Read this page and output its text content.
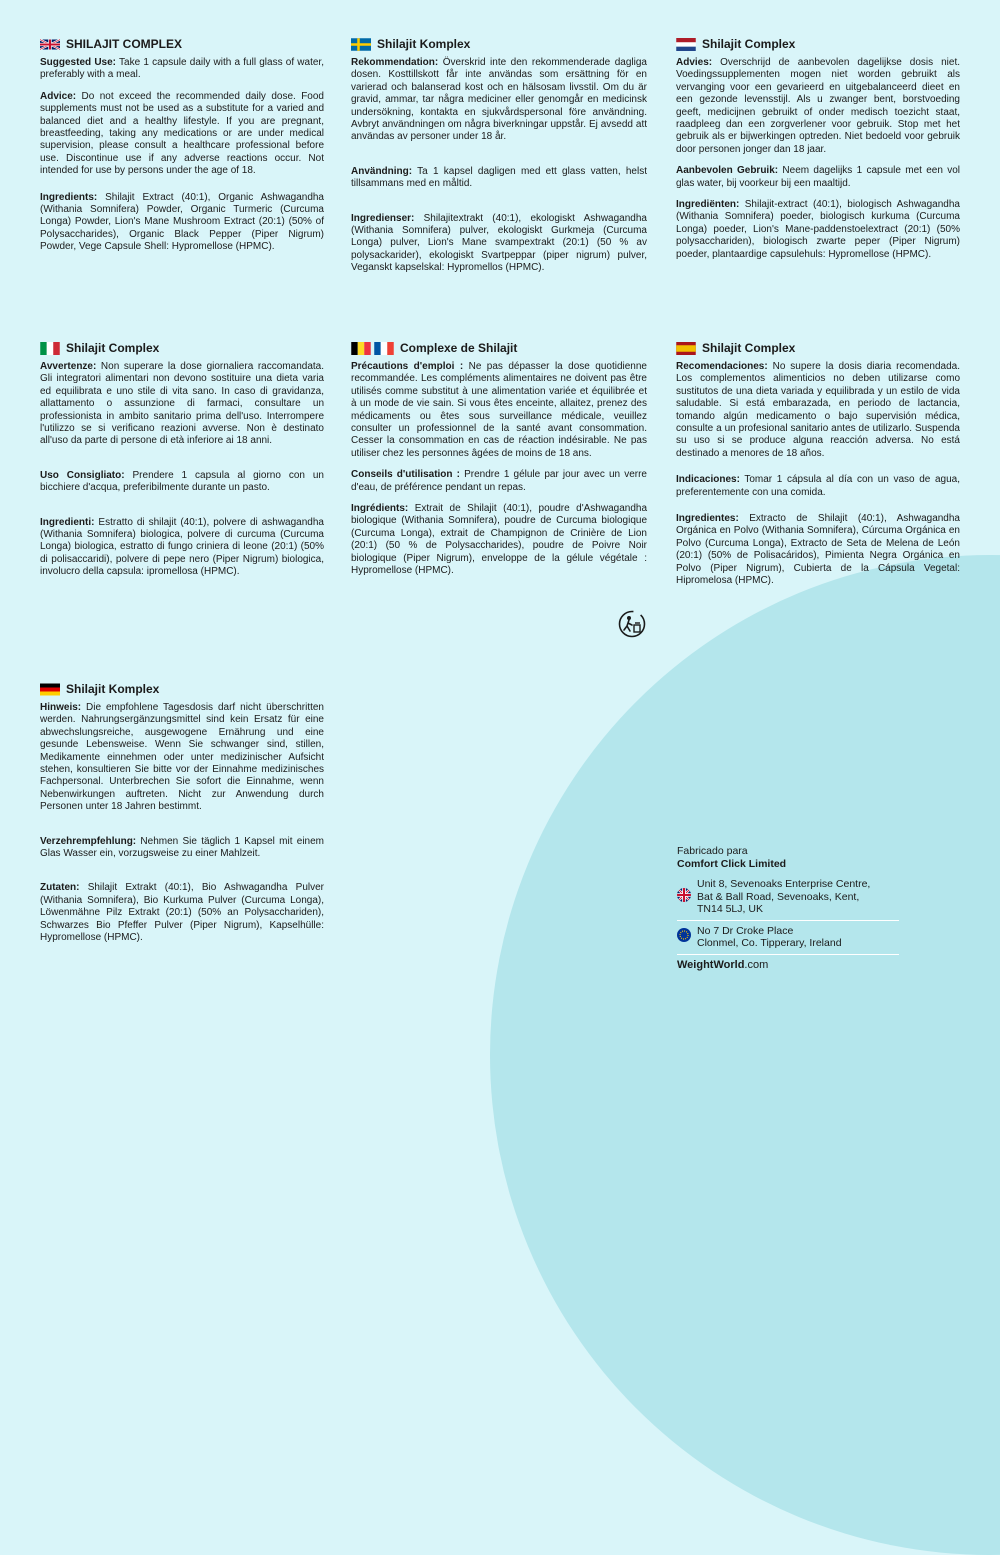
SHILAJIT COMPLEX

Suggested Use: Take 1 capsule daily with a full glass of water, preferably with a meal.

Advice: Do not exceed the recommended daily dose. Food supplements must not be used as a substitute for a varied and balanced diet and a healthy lifestyle. If you are pregnant, breastfeeding, taking any medications or are under medical supervision, please consult a healthcare professional before use. Discontinue use if any adverse reactions occur. Not intended for use by persons under the age of 18.

Ingredients: Shilajit Extract (40:1), Organic Ashwagandha (Withania Somnifera) Powder, Organic Turmeric (Curcuma Longa) Powder, Lion's Mane Mushroom Extract (20:1) (50% of Polysaccharides), Organic Black Pepper (Piper Nigrum) Powder, Vege Capsule Shell: Hypromellose (HPMC).

Shilajit Komplex

Rekommendation: Överskrid inte den rekommenderade dagliga dosen. Kosttillskott får inte användas som ersättning för en varierad och balanserad kost och en hälsosam livsstil. Om du är gravid, ammar, tar några mediciner eller genomgår en medicinsk undersökning, kontakta en sjukvårdspersonal före användning. Avbryt användningen om några biverkningar uppstår. Ej avsedd att användas av personer under 18 år.

Användning: Ta 1 kapsel dagligen med ett glass vatten, helst tillsammans med en måltid.

Ingredienser: Shilajitextrakt (40:1), ekologiskt Ashwagandha (Withania Somnifera) pulver, ekologiskt Gurkmeja (Curcuma Longa) pulver, Lion's Mane svampextrakt (20:1) (50 % av polysackarider), ekologiskt Svartpeppar (piper nigrum) pulver, Veganskt kapselskal: Hypromellos (HPMC).

Shilajit Complex

Advies: Overschrijd de aanbevolen dagelijkse dosis niet. Voedingssupplementen mogen niet worden gebruikt als vervanging voor een gevarieerd en uitgebalanceerd dieet en een gezonde levensstijl. Als u zwanger bent, borstvoeding geeft, medicijnen gebruikt of onder medisch toezicht staat, raadpleeg dan een zorgverlener voor gebruik. Stop met het gebruik als er bijwerkingen optreden. Niet bedoeld voor gebruik door personen jonger dan 18 jaar.

Aanbevolen Gebruik: Neem dagelijks 1 capsule met een vol glas water, bij voorkeur bij een maaltijd.

Ingrediënten: Shilajit-extract (40:1), biologisch Ashwagandha (Withania Somnifera) poeder, biologisch kurkuma (Curcuma Longa) poeder, Lion's Mane-paddenstoelextract (20:1) (50% polysacchariden), biologisch zwarte peper (Piper Nigrum) poeder, plantaardige capsulehuls: Hypromellose (HPMC).

Shilajit Complex

Avvertenze: Non superare la dose giornaliera raccomandata. Gli integratori alimentari non devono sostituire una dieta varia ed equilibrata e uno stile di vita sano. In caso di gravidanza, allattamento o assunzione di farmaci, consultare un professionista in ambito sanitario prima dell'uso. Interrompere l'utilizzo se si verificano reazioni avverse. Non è destinato all'uso da parte di persone di età inferiore ai 18 anni.

Uso Consigliato: Prendere 1 capsula al giorno con un bicchiere d'acqua, preferibilmente durante un pasto.

Ingredienti: Estratto di shilajit (40:1), polvere di ashwagandha (Withania Somnifera) biologica, polvere di curcuma (Curcuma Longa) biologica, estratto di fungo criniera di leone (20:1) (50% di polisaccaridi), polvere di pepe nero (Piper Nigrum) biologica, involucro della capsula: ipromellosa (HPMC).

Complexe de Shilajit

Précautions d'emploi : Ne pas dépasser la dose quotidienne recommandée. Les compléments alimentaires ne doivent pas être utilisés comme substitut à une alimentation variée et équilibrée et à un mode de vie sain. Si vous êtes enceinte, allaitez, prenez des médicaments ou êtes sous surveillance médicale, veuillez consulter un professionnel de la santé avant consommation. Cesser la consommation en cas de réaction indésirable. Ne pas utiliser chez les personnes âgées de moins de 18 ans.

Conseils d'utilisation : Prendre 1 gélule par jour avec un verre d'eau, de préférence pendant un repas.

Ingrédients: Extrait de Shilajit (40:1), poudre d'Ashwagandha biologique (Withania Somnifera), poudre de Curcuma biologique (Curcuma Longa), extrait de Champignon de Crinière de Lion (20:1) (50 % de Polysaccharides), poudre de Poivre Noir biologique (Piper Nigrum), enveloppe de la gélule végétale : Hypromellose (HPMC).

Shilajit Complex

Recomendaciones: No supere la dosis diaria recomendada. Los complementos alimenticios no deben utilizarse como sustitutos de una dieta variada y equilibrada y un estilo de vida saludable. Si está embarazada, en periodo de lactancia, tomando algún medicamento o bajo supervisión médica, consulte a un profesional sanitario antes de utilizarlo. Suspenda su uso si se produce alguna reacción adversa. No está destinado a menores de 18 años.

Indicaciones: Tomar 1 cápsula al día con un vaso de agua, preferentemente con una comida.

Ingredientes: Extracto de Shilajit (40:1), Ashwagandha Orgánica en Polvo (Withania Somnifera), Cúrcuma Orgánica en Polvo (Curcuma Longa), Extracto de Seta de Melena de León (20:1) (50% de Polisacáridos), Pimienta Negra Orgánica en Polvo (Piper Nigrum), Cubierta de la Cápsula Vegetal: Hipromelosa (HPMC).

Shilajit Komplex

Hinweis: Die empfohlene Tagesdosis darf nicht überschritten werden. Nahrungsergänzungsmittel sind kein Ersatz für eine abwechslungsreiche, ausgewogene Ernährung und eine gesunde Lebensweise. Wenn Sie schwanger sind, stillen, Medikamente einnehmen oder unter medizinischer Aufsicht stehen, konsultieren Sie bitte vor der Einnahme medizinisches Fachpersonal. Unterbrechen Sie sofort die Einnahme, wenn Nebenwirkungen auftreten. Nicht zur Anwendung durch Personen unter 18 Jahren bestimmt.

Verzehrempfehlung: Nehmen Sie täglich 1 Kapsel mit einem Glas Wasser ein, vorzugsweise zu einer Mahlzeit.

Zutaten: Shilajit Extrakt (40:1), Bio Ashwagandha Pulver (Withania Somnifera), Bio Kurkuma Pulver (Curcuma Longa), Löwenmähne Pilz Extrakt (20:1) (50% an Polysacchariden), Schwarzes Bio Pfeffer Pulver (Piper Nigrum), Kapselhülle: Hypromellose (HPMC).

Fabricado para
Comfort Click Limited
Unit 8, Sevenoaks Enterprise Centre,
Bat & Ball Road, Sevenoaks, Kent,
TN14 5LJ, UK
No 7 Dr Croke Place
Clonmel, Co. Tipperary, Ireland
WeightWorld.com
